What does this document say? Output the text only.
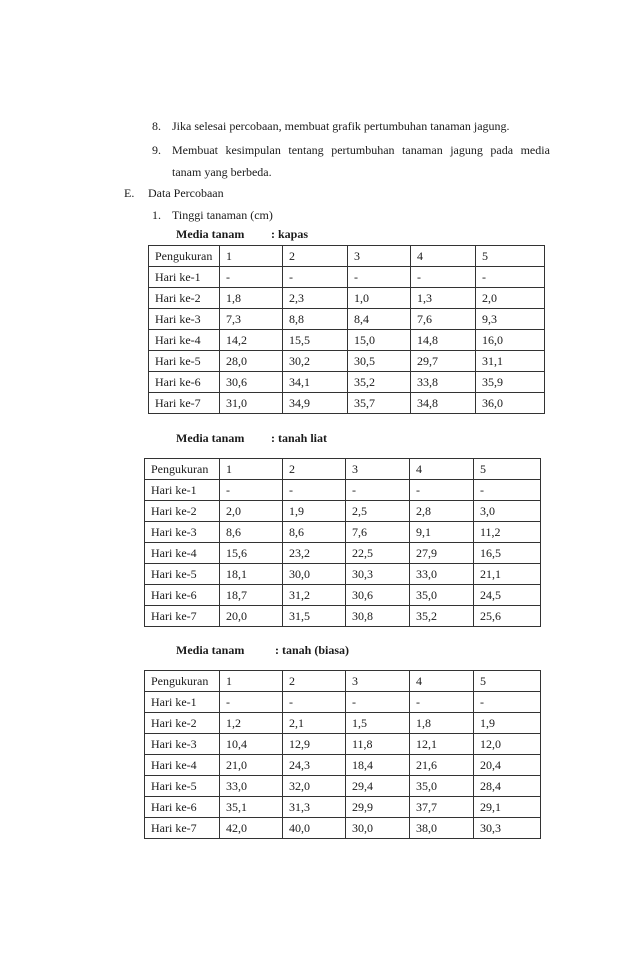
8. Jika selesai percobaan, membuat grafik pertumbuhan tanaman jagung.
9. Membuat kesimpulan tentang pertumbuhan tanaman jagung pada media
tanam yang berbeda.
E. Data Percobaan
1. Tinggi tanaman (cm)
Media tanam : kapas
Pengukuran	1	2	3	4	5
Hari ke-1	-	-	-	-	-
Hari ke-2	1,8	2,3	1,0	1,3	2,0
Hari ke-3	7,3	8,8	8,4	7,6	9,3
Hari ke-4	14,2	15,5	15,0	14,8	16,0
Hari ke-5	28,0	30,2	30,5	29,7	31,1
Hari ke-6	30,6	34,1	35,2	33,8	35,9
Hari ke-7	31,0	34,9	35,7	34,8	36,0
Media tanam : tanah liat
Pengukuran	1	2	3	4	5
Hari ke-1	-	-	-	-	-
Hari ke-2	2,0	1,9	2,5	2,8	3,0
Hari ke-3	8,6	8,6	7,6	9,1	11,2
Hari ke-4	15,6	23,2	22,5	27,9	16,5
Hari ke-5	18,1	30,0	30,3	33,0	21,1
Hari ke-6	18,7	31,2	30,6	35,0	24,5
Hari ke-7	20,0	31,5	30,8	35,2	25,6
Media tanam	: tanah (biasa)
Pengukuran	1	2	3	4	5
Hari ke-1	-	-	-	-	-
Hari ke-2	1,2	2,1	1,5	1,8	1,9
Hari ke-3	10,4	12,9	11,8	12,1	12,0
Hari ke-4	21,0	24,3	18,4	21,6	20,4
Hari ke-5	33,0	32,0	29,4	35,0	28,4
Hari ke-6	35,1	31,3	29,9	37,7	29,1
Hari ke-7	42,0	40,0	30,0	38,0	30,3
